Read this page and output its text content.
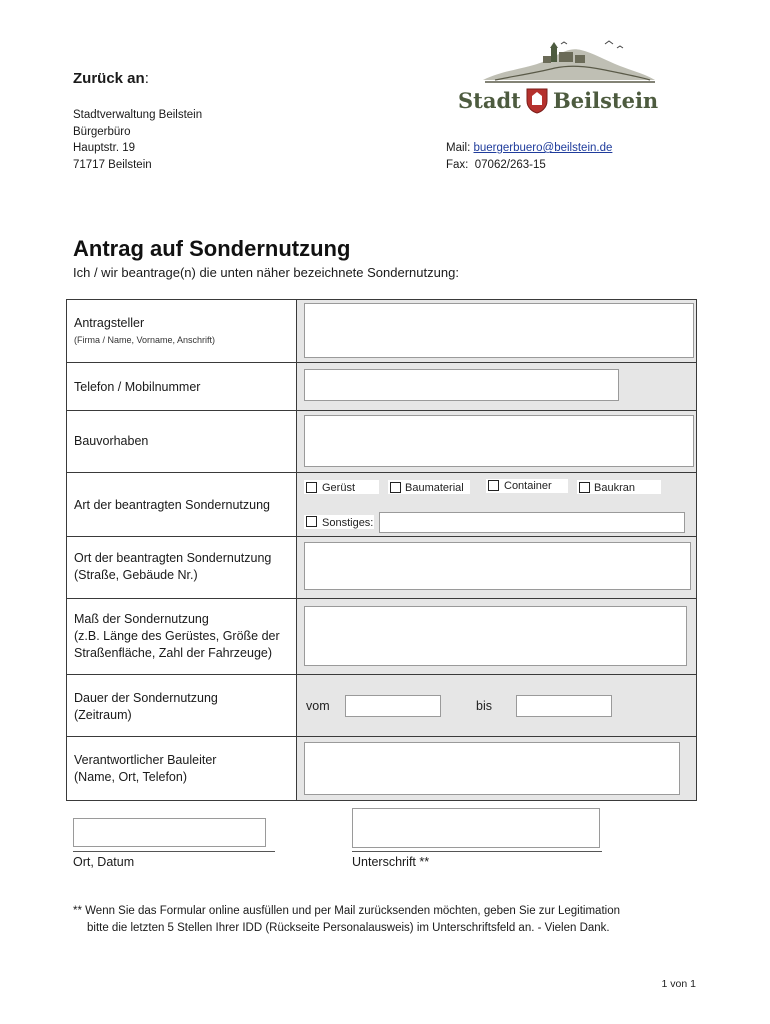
Zurück an:
Stadtverwaltung Beilstein
Bürgerbüro
Hauptstr. 19
71717 Beilstein
Mail: buergerbuero@beilstein.de
Fax: 07062/263-15
Stadt Beilstein
Antrag auf Sondernutzung
Ich / wir beantrage(n) die unten näher bezeichnete Sondernutzung:
Antragsteller
(Firma / Name, Vorname, Anschrift)
Telefon / Mobilnummer
Bauvorhaben
Art der beantragten Sondernutzung
Gerüst	Baumaterial	Container	Baukran
Sonstiges:
Ort der beantragten Sondernutzung
(Straße, Gebäude Nr.)
Maß der Sondernutzung
(z.B. Länge des Gerüstes, Größe der
Straßenfläche, Zahl der Fahrzeuge)
Dauer der Sondernutzung
(Zeitraum)
vom	bis
Verantwortlicher Bauleiter
(Name, Ort, Telefon)
Ort, Datum	Unterschrift **
** Wenn Sie das Formular online ausfüllen und per Mail zurücksenden möchten, geben Sie zur Legitimation
bitte die letzten 5 Stellen Ihrer IDD (Rückseite Personalausweis) im Unterschriftsfeld an. - Vielen Dank.
1 von 1
